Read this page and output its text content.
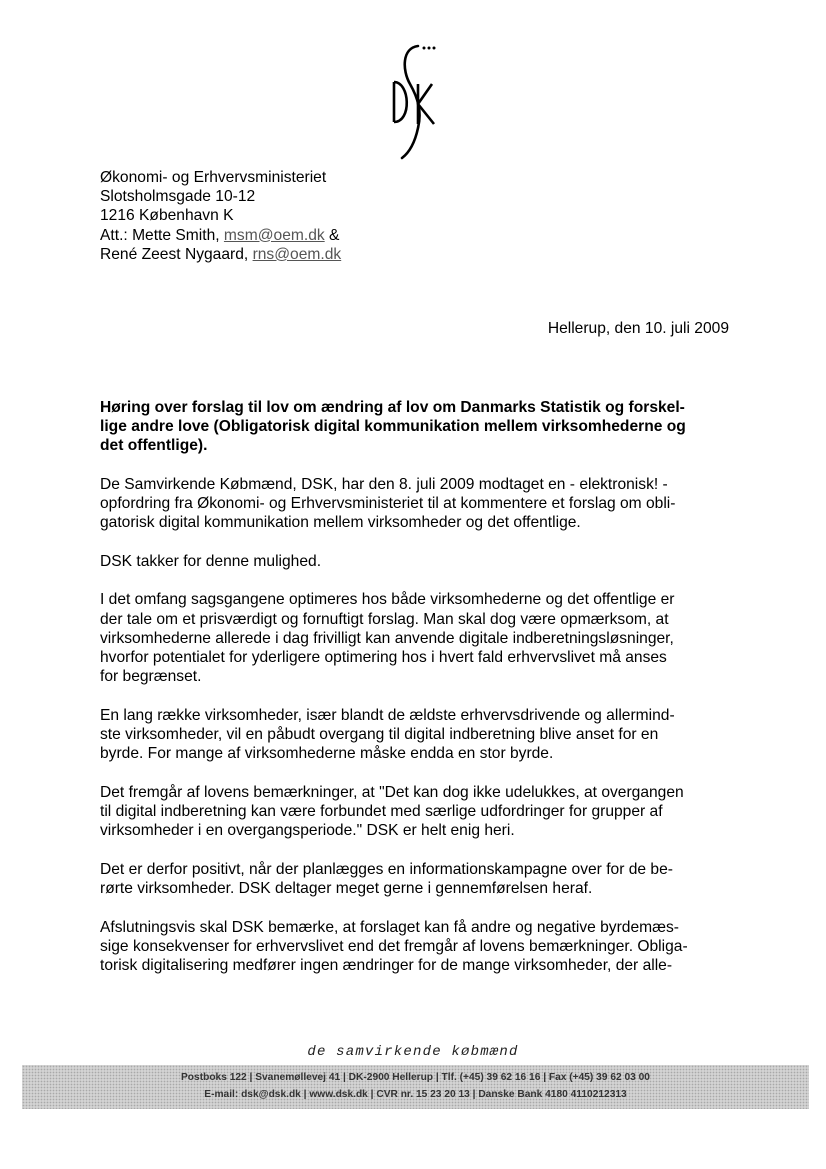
Økonomi- og Erhvervsministeriet
Slotsholmsgade 10-12
1216 København K
Att.: Mette Smith, msm@oem.dk &
René Zeest Nygaard, rns@oem.dk
Hellerup, den 10. juli 2009
Høring over forslag til lov om ændring af lov om Danmarks Statistik og forskel-
lige andre love (Obligatorisk digital kommunikation mellem virksomhederne og
det offentlige).
De Samvirkende Købmænd, DSK, har den 8. juli 2009 modtaget en - elektronisk! -
opfordring fra Økonomi- og Erhvervsministeriet til at kommentere et forslag om obli-
gatorisk digital kommunikation mellem virksomheder og det offentlige.
DSK takker for denne mulighed.
I det omfang sagsgangene optimeres hos både virksomhederne og det offentlige er
der tale om et prisværdigt og fornuftigt forslag. Man skal dog være opmærksom, at
virksomhederne allerede i dag frivilligt kan anvende digitale indberetningsløsninger,
hvorfor potentialet for yderligere optimering hos i hvert fald erhvervslivet må anses
for begrænset.
En lang række virksomheder, især blandt de ældste erhvervsdrivende og allermind-
ste virksomheder, vil en påbudt overgang til digital indberetning blive anset for en
byrde. For mange af virksomhederne måske endda en stor byrde.
Det fremgår af lovens bemærkninger, at "Det kan dog ikke udelukkes, at overgangen
til digital indberetning kan være forbundet med særlige udfordringer for grupper af
virksomheder i en overgangsperiode." DSK er helt enig heri.
Det er derfor positivt, når der planlægges en informationskampagne over for de be-
rørte virksomheder. DSK deltager meget gerne i gennemførelsen heraf.
Afslutningsvis skal DSK bemærke, at forslaget kan få andre og negative byrdemæs-
sige konsekvenser for erhvervslivet end det fremgår af lovens bemærkninger. Obliga-
torisk digitalisering medfører ingen ændringer for de mange virksomheder, der alle-
de samvirkende købmænd
Postboks 122 | Svanemøllevej 41 | DK-2900 Hellerup | Tlf. (+45) 39 62 16 16 | Fax (+45) 39 62 03 00
E-mail: dsk@dsk.dk | www.dsk.dk | CVR nr. 15 23 20 13 | Danske Bank 4180 4110212313
